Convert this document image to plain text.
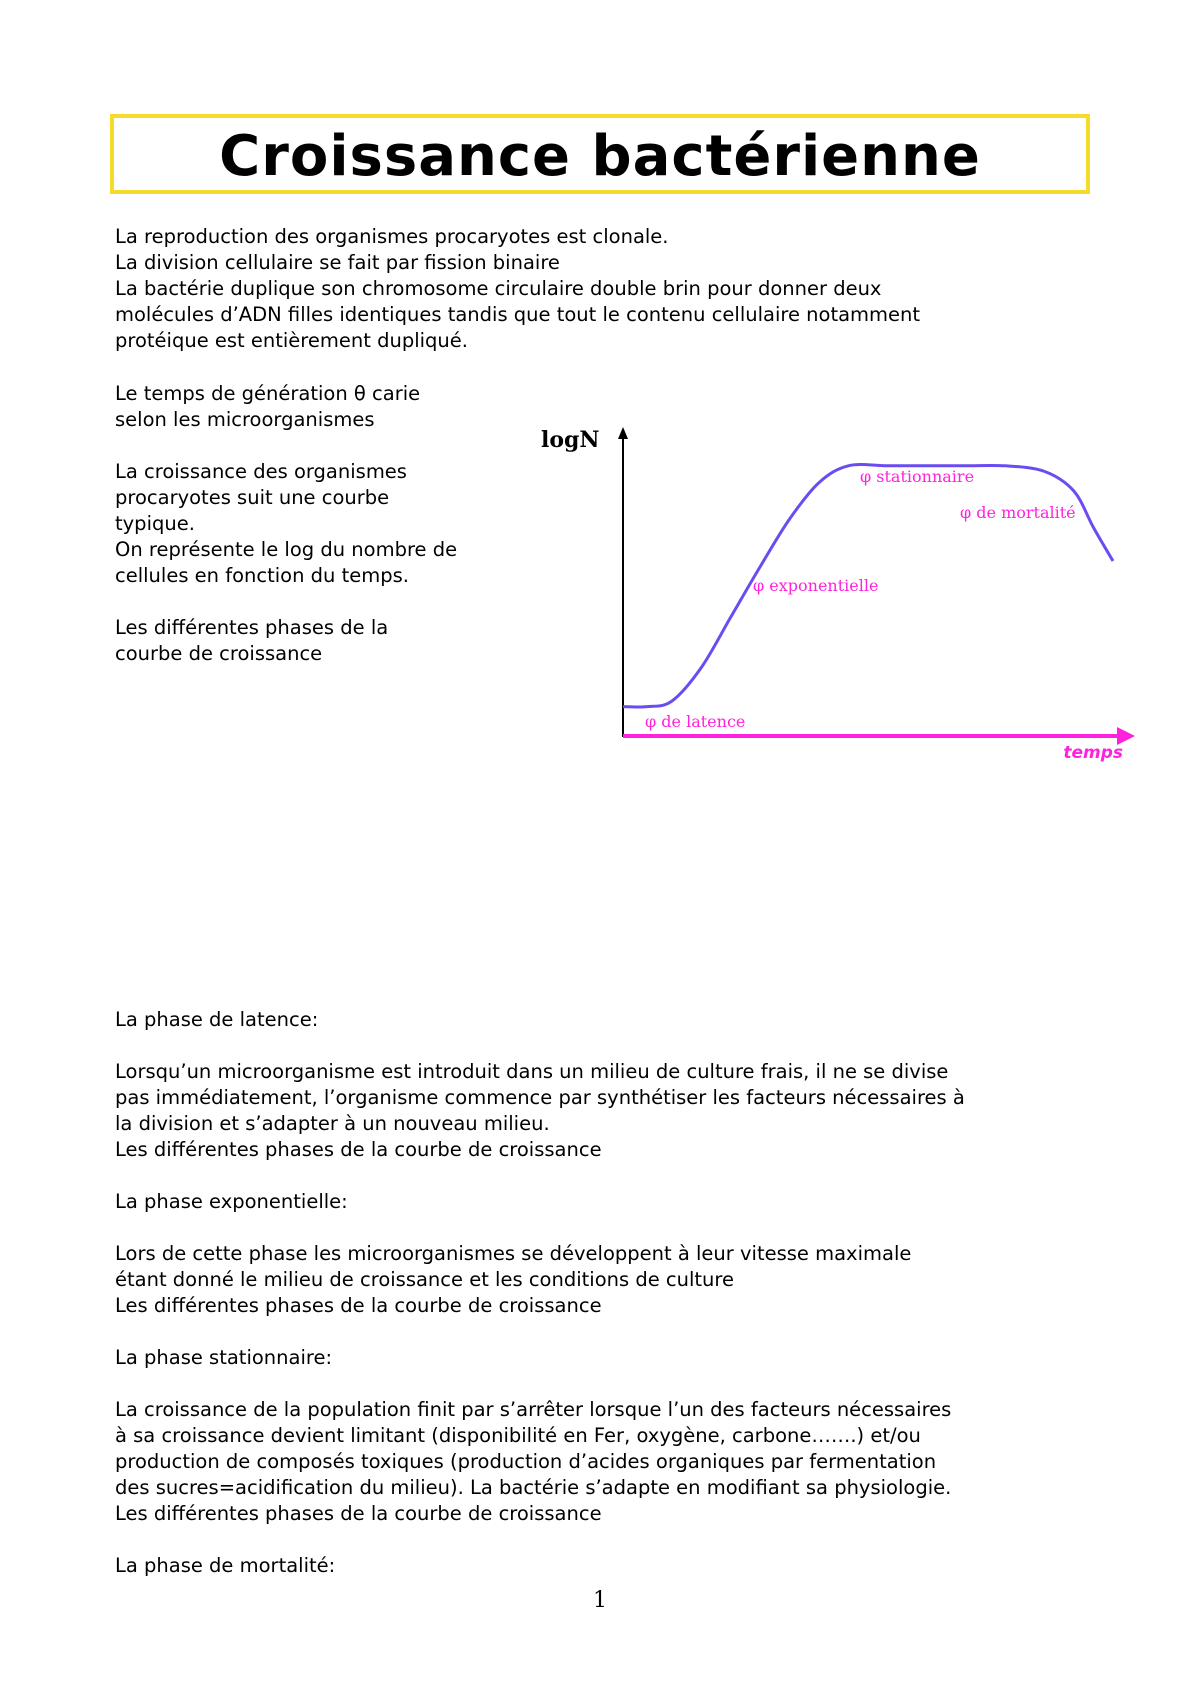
Croissance bactérienne
La reproduction des organismes procaryotes est clonale.
La division cellulaire se fait par fission binaire
La bactérie duplique son chromosome circulaire double brin pour donner deux
molécules d’ADN filles identiques tandis que tout le contenu cellulaire notamment
protéique est entièrement dupliqué.
Le temps de génération θ carie
selon les microorganismes
La croissance des organismes
procaryotes suit une courbe
typique.
On représente le log du nombre de
cellules en fonction du temps.
Les différentes phases de la
courbe de croissance
logN
temps
φ de latence
φ exponentielle
φ stationnaire
φ de mortalité
La phase de latence:
Lorsqu’un microorganisme est introduit dans un milieu de culture frais, il ne se divise
pas immédiatement, l’organisme commence par synthétiser les facteurs nécessaires à
la division et s’adapter à un nouveau milieu.
Les différentes phases de la courbe de croissance
La phase exponentielle:
Lors de cette phase les microorganismes se développent à leur vitesse maximale
étant donné le milieu de croissance et les conditions de culture
Les différentes phases de la courbe de croissance
La phase stationnaire:
La croissance de la population finit par s’arrêter lorsque l’un des facteurs nécessaires
à sa croissance devient limitant (disponibilité en Fer, oxygène, carbone…….) et/ou
production de composés toxiques (production d’acides organiques par fermentation
des sucres=acidification du milieu). La bactérie s’adapte en modifiant sa physiologie.
Les différentes phases de la courbe de croissance
La phase de mortalité:
1
